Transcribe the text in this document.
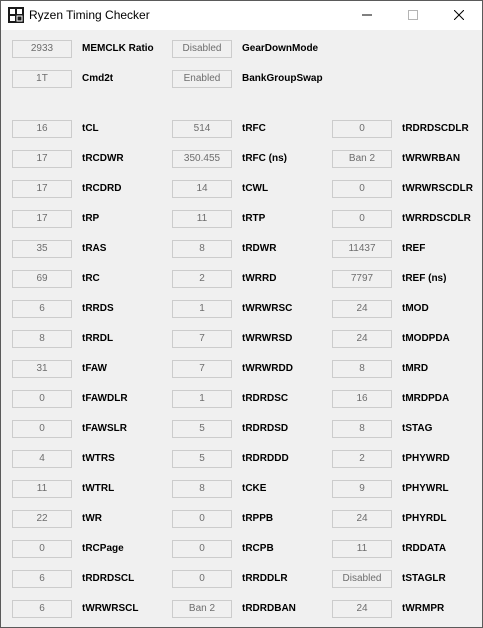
Ryzen Timing Checker
2933	MEMCLK Ratio	Disabled	GearDownMode
1T	Cmd2t	Enabled	BankGroupSwap
16	tCL	514	tRFC	0	tRDRDSCDLR
17	tRCDWR	350.455	tRFC (ns)	Ban 2	tWRWRBAN
17	tRCDRD	14	tCWL	0	tWRWRSCDLR
17	tRP	11	tRTP	0	tWRRDSCDLR
35	tRAS	8	tRDWR	11437	tREF
69	tRC	2	tWRRD	7797	tREF (ns)
6	tRRDS	1	tWRWRSC	24	tMOD
8	tRRDL	7	tWRWRSD	24	tMODPDA
31	tFAW	7	tWRWRDD	8	tMRD
0	tFAWDLR	1	tRDRDSC	16	tMRDPDA
0	tFAWSLR	5	tRDRDSD	8	tSTAG
4	tWTRS	5	tRDRDDD	2	tPHYWRD
11	tWTRL	8	tCKE	9	tPHYWRL
22	tWR	0	tRPPB	24	tPHYRDL
0	tRCPage	0	tRCPB	11	tRDDATA
6	tRDRDSCL	0	tRRDDLR	Disabled	tSTAGLR
6	tWRWRSCL	Ban 2	tRDRDBAN	24	tWRMPR
